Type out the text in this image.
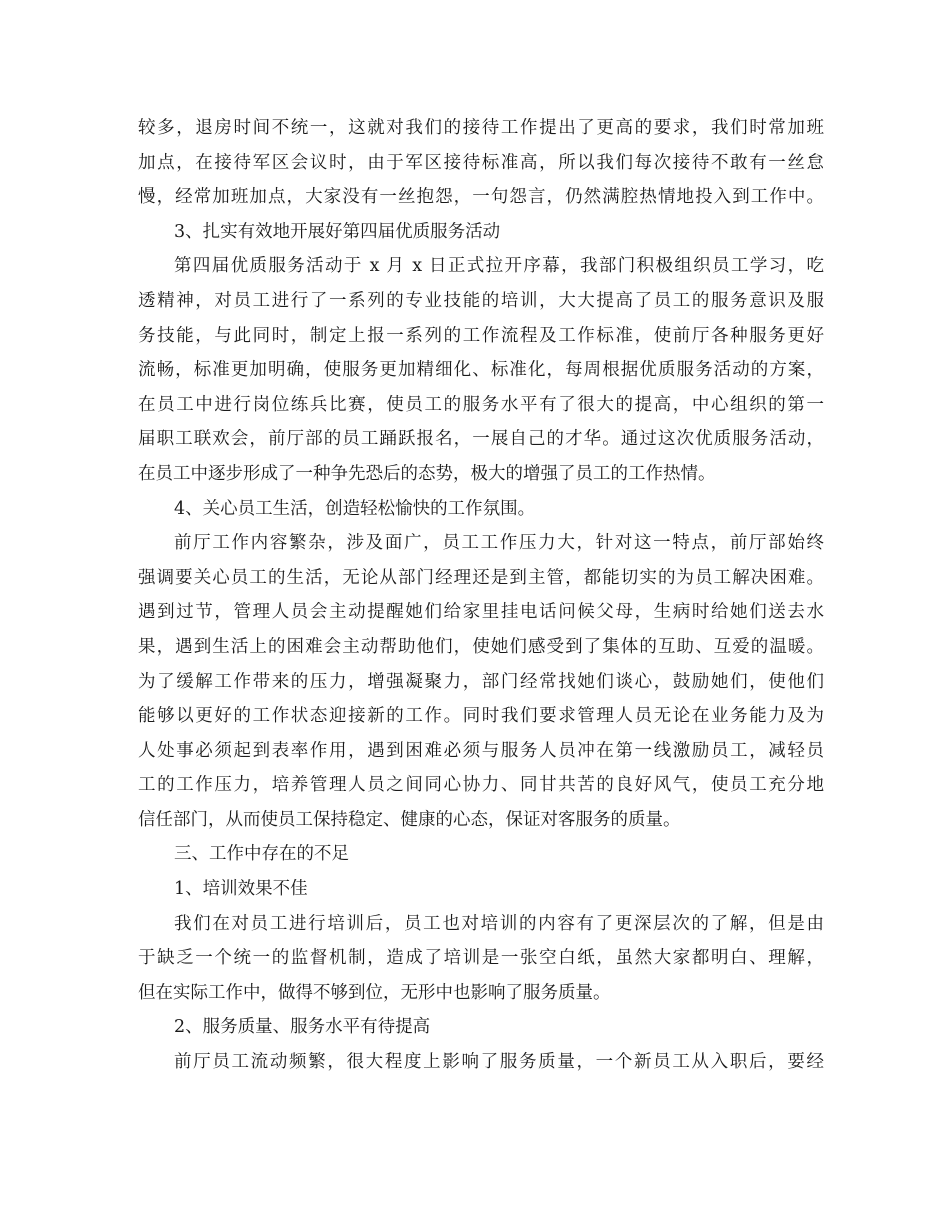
较多，退房时间不统一，这就对我们的接待工作提出了更高的要求，我们时常加班
加点，在接待军区会议时，由于军区接待标准高，所以我们每次接待不敢有一丝怠
慢，经常加班加点，大家没有一丝抱怨，一句怨言，仍然满腔热情地投入到工作中。
3、扎实有效地开展好第四届优质服务活动
第四届优质服务活动于 x 月 x 日正式拉开序幕，我部门积极组织员工学习，吃
透精神，对员工进行了一系列的专业技能的培训，大大提高了员工的服务意识及服
务技能，与此同时，制定上报一系列的工作流程及工作标准，使前厅各种服务更好
流畅，标准更加明确，使服务更加精细化、标准化，每周根据优质服务活动的方案，
在员工中进行岗位练兵比赛，使员工的服务水平有了很大的提高，中心组织的第一
届职工联欢会，前厅部的员工踊跃报名，一展自己的才华。通过这次优质服务活动，
在员工中逐步形成了一种争先恐后的态势，极大的增强了员工的工作热情。
4、关心员工生活，创造轻松愉快的工作氛围。
前厅工作内容繁杂，涉及面广，员工工作压力大，针对这一特点，前厅部始终
强调要关心员工的生活，无论从部门经理还是到主管，都能切实的为员工解决困难。
遇到过节，管理人员会主动提醒她们给家里挂电话问候父母，生病时给她们送去水
果，遇到生活上的困难会主动帮助他们，使她们感受到了集体的互助、互爱的温暖。
为了缓解工作带来的压力，增强凝聚力，部门经常找她们谈心，鼓励她们，使他们
能够以更好的工作状态迎接新的工作。同时我们要求管理人员无论在业务能力及为
人处事必须起到表率作用，遇到困难必须与服务人员冲在第一线激励员工，减轻员
工的工作压力，培养管理人员之间同心协力、同甘共苦的良好风气，使员工充分地
信任部门，从而使员工保持稳定、健康的心态，保证对客服务的质量。
三、工作中存在的不足
1、培训效果不佳
我们在对员工进行培训后，员工也对培训的内容有了更深层次的了解，但是由
于缺乏一个统一的监督机制，造成了培训是一张空白纸，虽然大家都明白、理解，
但在实际工作中，做得不够到位，无形中也影响了服务质量。
2、服务质量、服务水平有待提高
前厅员工流动频繁，很大程度上影响了服务质量，一个新员工从入职后，要经
